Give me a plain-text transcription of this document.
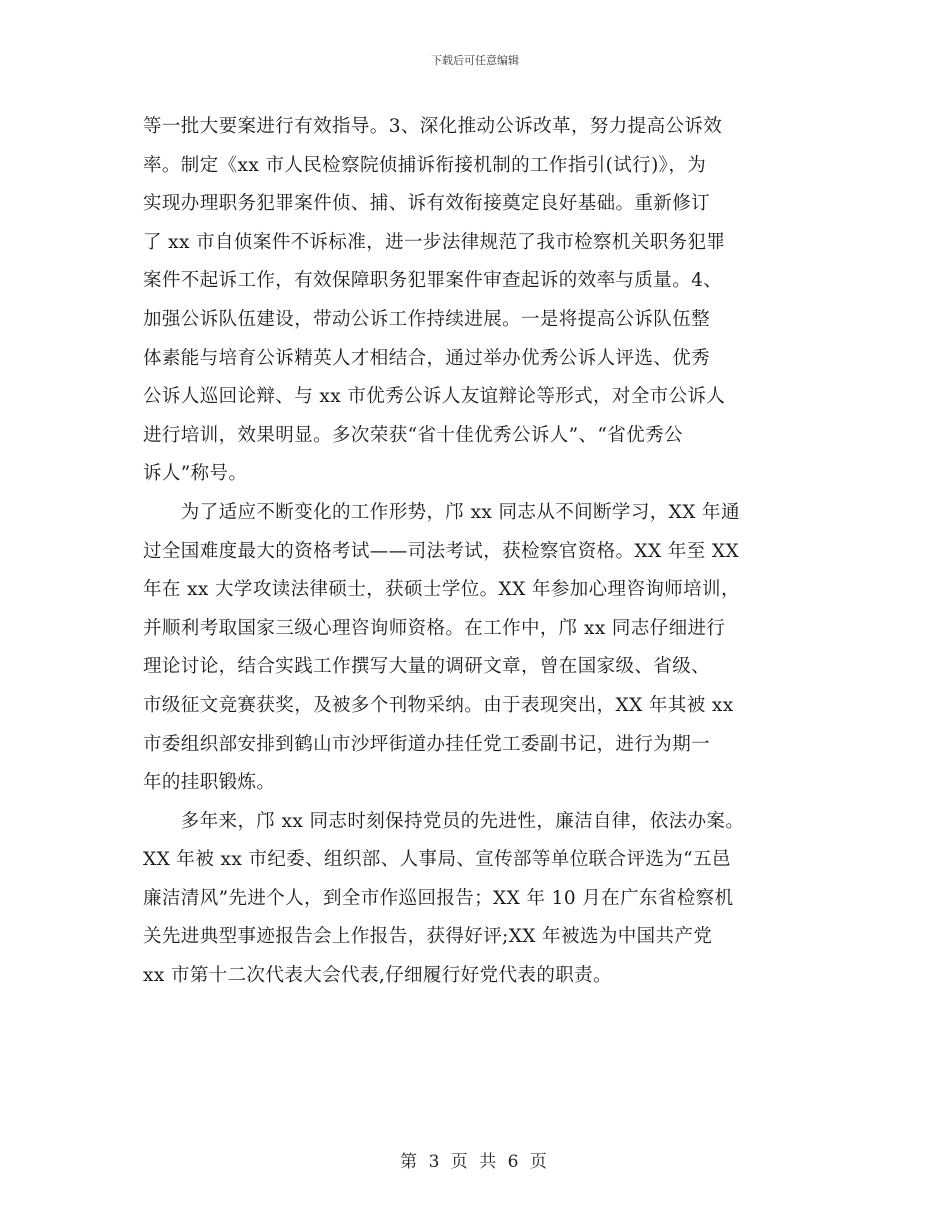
下载后可任意编辑
等一批大要案进行有效指导。3、深化推动公诉改革，努力提高公诉效
率。制定《xx 市人民检察院侦捕诉衔接机制的工作指引(试行)》，为
实现办理职务犯罪案件侦、捕、诉有效衔接奠定良好基础。重新修订
了 xx 市自侦案件不诉标准，进一步法律规范了我市检察机关职务犯罪
案件不起诉工作，有效保障职务犯罪案件审查起诉的效率与质量。4、
加强公诉队伍建设，带动公诉工作持续进展。一是将提高公诉队伍整
体素能与培育公诉精英人才相结合，通过举办优秀公诉人评选、优秀
公诉人巡回论辩、与 xx 市优秀公诉人友谊辩论等形式，对全市公诉人
进行培训，效果明显。多次荣获“省十佳优秀公诉人”、“省优秀公
诉人”称号。
　　为了适应不断变化的工作形势，邝 xx 同志从不间断学习，XX 年通
过全国难度最大的资格考试——司法考试，获检察官资格。XX 年至 XX
年在 xx 大学攻读法律硕士，获硕士学位。XX 年参加心理咨询师培训，
并顺利考取国家三级心理咨询师资格。在工作中，邝 xx 同志仔细进行
理论讨论，结合实践工作撰写大量的调研文章，曾在国家级、省级、
市级征文竞赛获奖，及被多个刊物采纳。由于表现突出，XX 年其被 xx
市委组织部安排到鹤山市沙坪街道办挂任党工委副书记，进行为期一
年的挂职锻炼。
　　多年来，邝 xx 同志时刻保持党员的先进性，廉洁自律，依法办案。
XX 年被 xx 市纪委、组织部、人事局、宣传部等单位联合评选为“五邑
廉洁清风”先进个人，到全市作巡回报告；XX 年 10 月在广东省检察机
关先进典型事迹报告会上作报告，获得好评;XX 年被选为中国共产党
xx 市第十二次代表大会代表,仔细履行好党代表的职责。
第 3 页 共 6 页
